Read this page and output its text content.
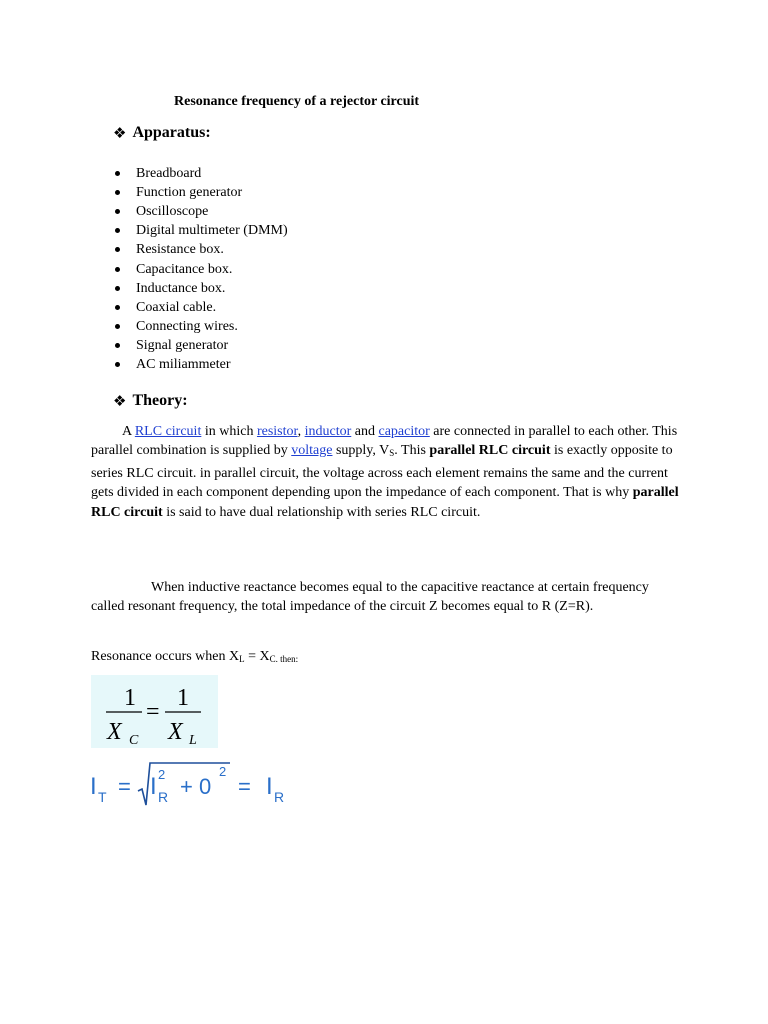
Resonance frequency of a rejector circuit
❖ Apparatus:
Breadboard
Function generator
Oscilloscope
Digital multimeter (DMM)
Resistance box.
Capacitance box.
Inductance box.
Coaxial cable.
Connecting wires.
Signal generator
AC miliammeter
❖ Theory:

A RLC circuit in which resistor, inductor and capacitor are connected in parallel to each other. This parallel combination is supplied by voltage supply, $V_S$. This parallel RLC circuit is exactly opposite to series RLC circuit. in parallel circuit, the voltage across each element remains the same and the current gets divided in each component depending upon the impedance of each component. That is why parallel RLC circuit is said to have dual relationship with series RLC circuit.

When inductive reactance becomes equal to the capacitive reactance at certain frequency called resonant frequency, the total impedance of the circuit Z becomes equal to R (Z=R).

Resonance occurs when $X_L = X_{C. then:}$

1
X C
=
1
X L
I T = I 2
R + 0
2
= I R
